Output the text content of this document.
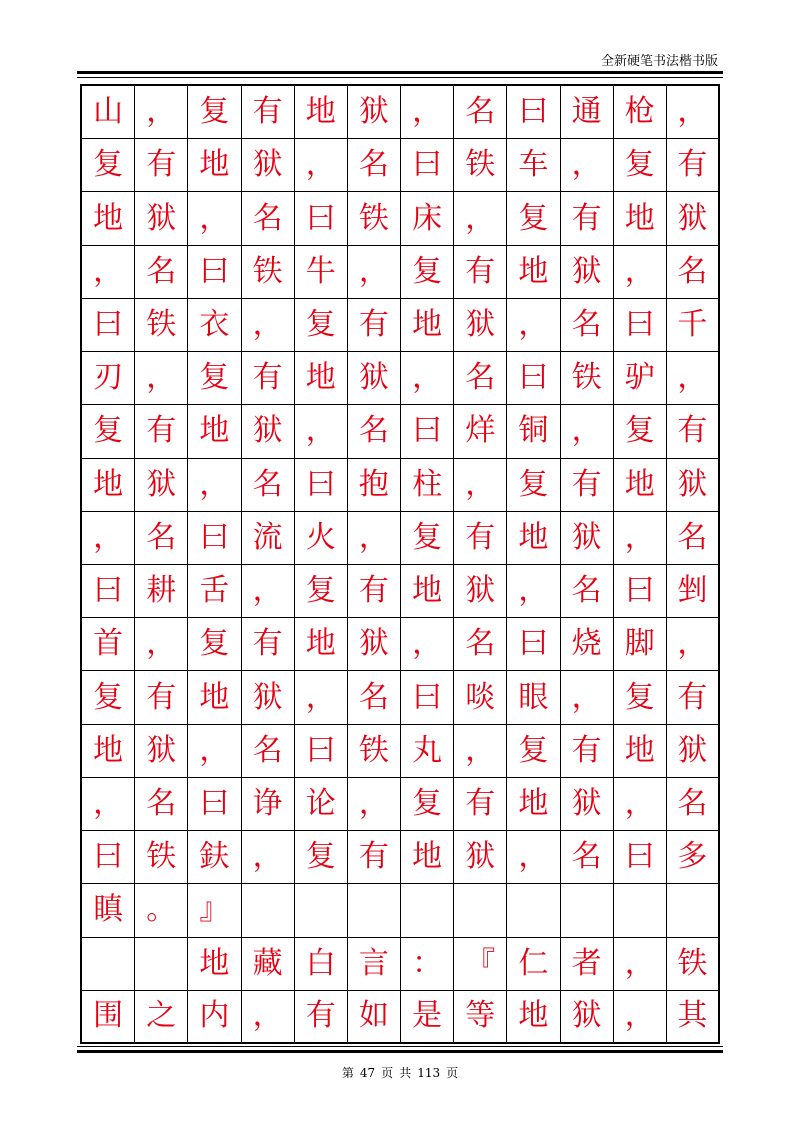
全新硬笔书法楷书版
山 ， 复 有 地 狱 ， 名 曰 通 枪 ，
复 有 地 狱 ， 名 曰 铁 车 ， 复 有
地 狱 ， 名 曰 铁 床 ， 复 有 地 狱
， 名 曰 铁 牛 ， 复 有 地 狱 ， 名
曰 铁 衣 ， 复 有 地 狱 ， 名 曰 千
刃 ， 复 有 地 狱 ， 名 曰 铁 驴 ，
复 有 地 狱 ， 名 曰 烊 铜 ， 复 有
地 狱 ， 名 曰 抱 柱 ， 复 有 地 狱
， 名 曰 流 火 ， 复 有 地 狱 ， 名
曰 耕 舌 ， 复 有 地 狱 ， 名 曰 剉
首 ， 复 有 地 狱 ， 名 曰 烧 脚 ，
复 有 地 狱 ， 名 曰 啖 眼 ， 复 有
地 狱 ， 名 曰 铁 丸 ， 复 有 地 狱
， 名 曰 诤 论 ， 复 有 地 狱 ， 名
曰 铁 鈇 ， 复 有 地 狱 ， 名 曰 多
瞋 。 』
地 藏 白 言 ： 『 仁 者 ， 铁
围 之 内 ， 有 如 是 等 地 狱 ， 其
第 47 页 共 113 页
